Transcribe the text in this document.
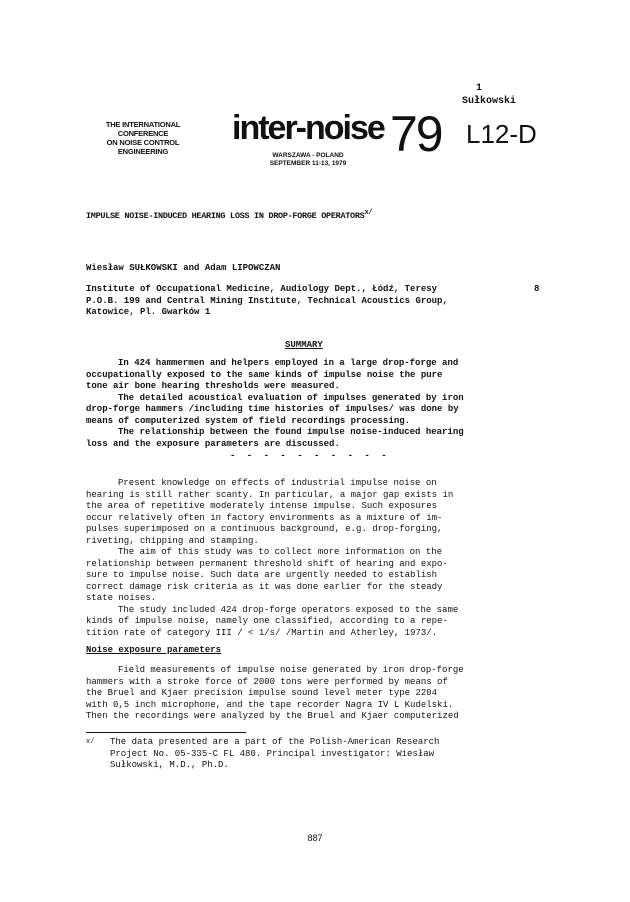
1
Sułkowski
THE INTERNATIONAL
CONFERENCE
ON NOISE CONTROL
ENGINEERING
inter-noise 79
WARSZAWA - POLAND
SEPTEMBER 11-13, 1979
L12-D
IMPULSE NOISE-INDUCED HEARING LOSS IN DROP-FORGE $OPERATORS^{x/}$
Wiesław SUŁKOWSKI and Adam LIPOWCZAN

Institute of Occupational Medicine, Audiology Dept., Łódź, Teresy

P.O.B. 199 and Central Mining Institute, Technical Acoustics Group,

Katowice, Pl. Gwarków 1

8
SUMMARY

In 424 hammermen and helpers employed in a large drop-forge and

occupationally exposed to the same kinds of impulse noise the pure

tone air bone hearing thresholds were measured.

The detailed acoustical evaluation of impulses generated by iron

drop-forge hammers /including time histories of impulses/ was done by

means of computerized system of field recordings processing.

The relationship between the found impulse noise-induced hearing

loss and the exposure parameters are discussed.

- - - - - - - - - -

Present knowledge on effects of industrial impulse noise on

hearing is still rather scanty. In particular, a major gap exists in

the area of repetitive moderately intense impulse. Such exposures

occur relatively often in factory environments as a mixture of im-

pulses superimposed on a continuous background, e.g. drop-forging,

riveting, chipping and stamping.

The aim of this study was to collect more information on the

relationship between permanent threshold shift of hearing and expo-

sure to impulse noise. Such data are urgently needed to establish

correct damage risk criteria as it was done earlier for the steady

state noises.

The study included 424 drop-forge operators exposed to the same

kinds of impulse noise, namely one classified, according to a repe-

tition rate of category III / < 1/s/ /Martin and Atherley, 1973/.

Noise exposure parameters

Field measurements of impulse noise generated by iron drop-forge

hammers with a stroke force of 2000 tons were performed by means of

the Bruel and Kjaer precision impulse sound level meter type 2204

with 0,5 inch microphone, and the tape recorder Nagra IV L Kudelski.

Then the recordings were analyzed by the Bruel and Kjaer computerized

x/ The data presented are a part of the Polish-American Research

Project No. 05-335-C FL 480. Principal investigator: Wiesław

Sułkowski, M.D., Ph.D.

887
